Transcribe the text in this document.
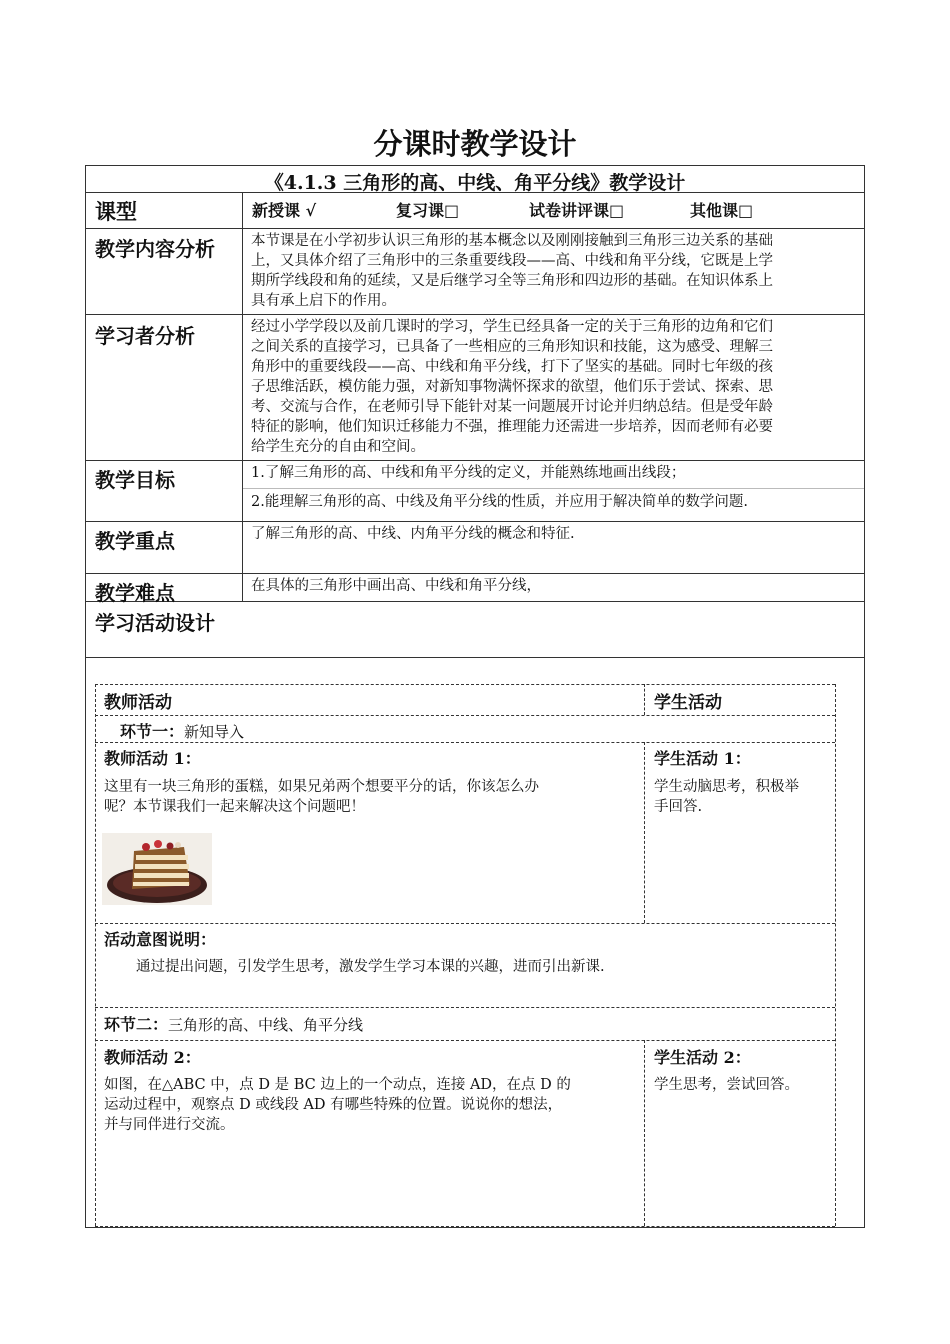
分课时教学设计
《4.1.3 三角形的高、中线、角平分线》教学设计
课型	新授课 √	复习课□	试卷讲评课□	其他课□
教学内容分析 本节课是在小学初步认识三角形的基本概念以及刚刚接触到三角形三边关系的基础
上，又具体介绍了三角形中的三条重要线段——高、中线和角平分线，它既是上学
期所学线段和角的延续，又是后继学习全等三角形和四边形的基础。在知识体系上
具有承上启下的作用。
学习者分析	经过小学学段以及前几课时的学习，学生已经具备一定的关于三角形的边角和它们
之间关系的直接学习，已具备了一些相应的三角形知识和技能，这为感受、理解三
角形中的重要线段——高、中线和角平分线，打下了坚实的基础。同时七年级的孩
子思维活跃，模仿能力强，对新知事物满怀探求的欲望，他们乐于尝试、探索、思
考、交流与合作，在老师引导下能针对某一问题展开讨论并归纳总结。但是受年龄
特征的影响，他们知识迁移能力不强，推理能力还需进一步培养，因而老师有必要
给学生充分的自由和空间。
教学目标	1.了解三角形的高、中线和角平分线的定义，并能熟练地画出线段；
2.能理解三角形的高、中线及角平分线的性质，并应用于解决简单的数学问题.
教学重点	了解三角形的高、中线、内角平分线的概念和特征.
教学难点	在具体的三角形中画出高、中线和角平分线，
学习活动设计
教师活动	学生活动
环节一：新知导入
教师活动 1：
这里有一块三角形的蛋糕，如果兄弟两个想要平分的话，你该怎么办
呢？本节课我们一起来解决这个问题吧！
学生活动 1：
学生动脑思考，积极举
手回答.
活动意图说明：
通过提出问题，引发学生思考，激发学生学习本课的兴趣，进而引出新课.
环节二：三角形的高、中线、角平分线
教师活动 2：
如图，在△ABC 中，点 D 是 BC 边上的一个动点，连接 AD，在点 D 的
运动过程中，观察点 D 或线段 AD 有哪些特殊的位置。说说你的想法，
并与同伴进行交流。
学生活动 2：
学生思考，尝试回答。
